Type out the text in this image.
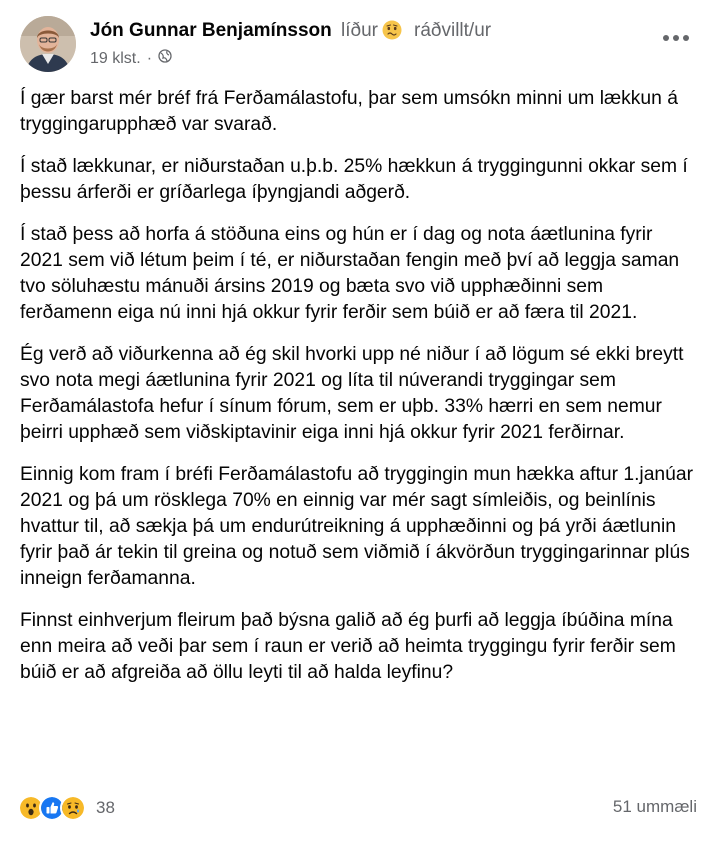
Jón Gunnar Benjamínsson líður ráðvillt/ur
19 klst. ·

Í gær barst mér bréf frá Ferðamálastofu, þar sem umsókn minni um lækkun á tryggingarupphæð var svarað.

Í stað lækkunar, er niðurstaðan u.þ.b. 25% hækkun á tryggingunni okkar sem í þessu árferði er gríðarlega íþyngjandi aðgerð.

Í stað þess að horfa á stöðuna eins og hún er í dag og nota áætlunina fyrir 2021 sem við létum þeim í té, er niðurstaðan fengin með því að leggja saman tvo söluhæstu mánuði ársins 2019 og bæta svo við upphæðinni sem ferðamenn eiga nú inni hjá okkur fyrir ferðir sem búið er að færa til 2021.

Ég verð að viðurkenna að ég skil hvorki upp né niður í að lögum sé ekki breytt svo nota megi áætlunina fyrir 2021 og líta til núverandi tryggingar sem Ferðamálastofa hefur í sínum fórum, sem er uþb. 33% hærri en sem nemur þeirri upphæð sem viðskiptavinir eiga inni hjá okkur fyrir 2021 ferðirnar.

Einnig kom fram í bréfi Ferðamálastofu að tryggingin mun hækka aftur 1.janúar 2021 og þá um rösklega 70% en einnig var mér sagt símleiðis, og beinlínis hvattur til, að sækja þá um endurútreikning á upphæðinni og þá yrði áætlunin fyrir það ár tekin til greina og notuð sem viðmið í ákvörðun tryggingarinnar plús inneign ferðamanna.

Finnst einhverjum fleirum það býsna galið að ég þurfi að leggja íbúðina mína enn meira að veði þar sem í raun er verið að heimta tryggingu fyrir ferðir sem búið er að afgreiða að öllu leyti til að halda leyfinu?

38	51 ummæli
